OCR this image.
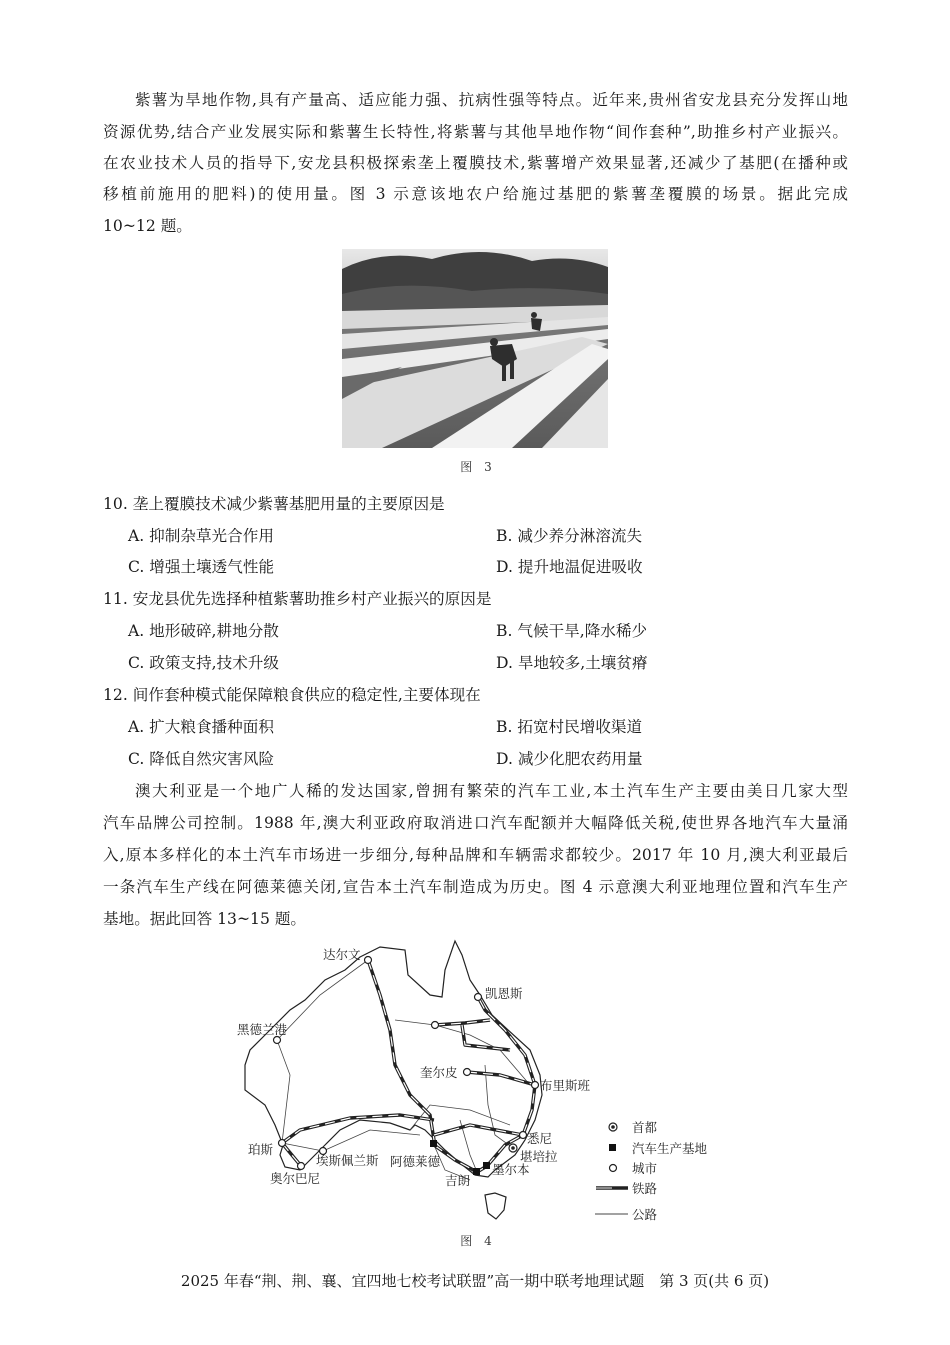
紫薯为旱地作物,具有产量高、适应能力强、抗病性强等特点。近年来,贵州省安龙县充分发挥山地
资源优势,结合产业发展实际和紫薯生长特性,将紫薯与其他旱地作物“间作套种”,助推乡村产业振兴。
在农业技术人员的指导下,安龙县积极探索垄上覆膜技术,紫薯增产效果显著,还减少了基肥(在播种或
移植前施用的肥料)的使用量。图 3 示意该地农户给施过基肥的紫薯垄覆膜的场景。据此完成
10~12 题。
图 3
10. 垄上覆膜技术减少紫薯基肥用量的主要原因是
A. 抑制杂草光合作用	B. 减少养分淋溶流失
C. 增强土壤透气性能	D. 提升地温促进吸收
11. 安龙县优先选择种植紫薯助推乡村产业振兴的原因是
A. 地形破碎,耕地分散	B. 气候干旱,降水稀少
C. 政策支持,技术升级	D. 旱地较多,土壤贫瘠
12. 间作套种模式能保障粮食供应的稳定性,主要体现在
A. 扩大粮食播种面积	B. 拓宽村民增收渠道
C. 降低自然灾害风险	D. 减少化肥农药用量
澳大利亚是一个地广人稀的发达国家,曾拥有繁荣的汽车工业,本土汽车生产主要由美日几家大型
汽车品牌公司控制。1988 年,澳大利亚政府取消进口汽车配额并大幅降低关税,使世界各地汽车大量涌
入,原本多样化的本土汽车市场进一步细分,每种品牌和车辆需求都较少。2017 年 10 月,澳大利亚最后
一条汽车生产线在阿德莱德关闭,宣告本土汽车制造成为历史。图 4 示意澳大利亚地理位置和汽车生产
基地。据此回答 13~15 题。
达尔文
凯恩斯
黑德兰港
奎尔皮
布里斯班
悉尼
堪培拉
珀斯
埃斯佩兰斯
奥尔巴尼
阿德莱德
墨尔本
吉朗
首都
汽车生产基地
城市
铁路
公路
图 4
2025 年春“荆、荆、襄、宜四地七校考试联盟”高一期中联考地理试题　第 3 页(共 6 页)
